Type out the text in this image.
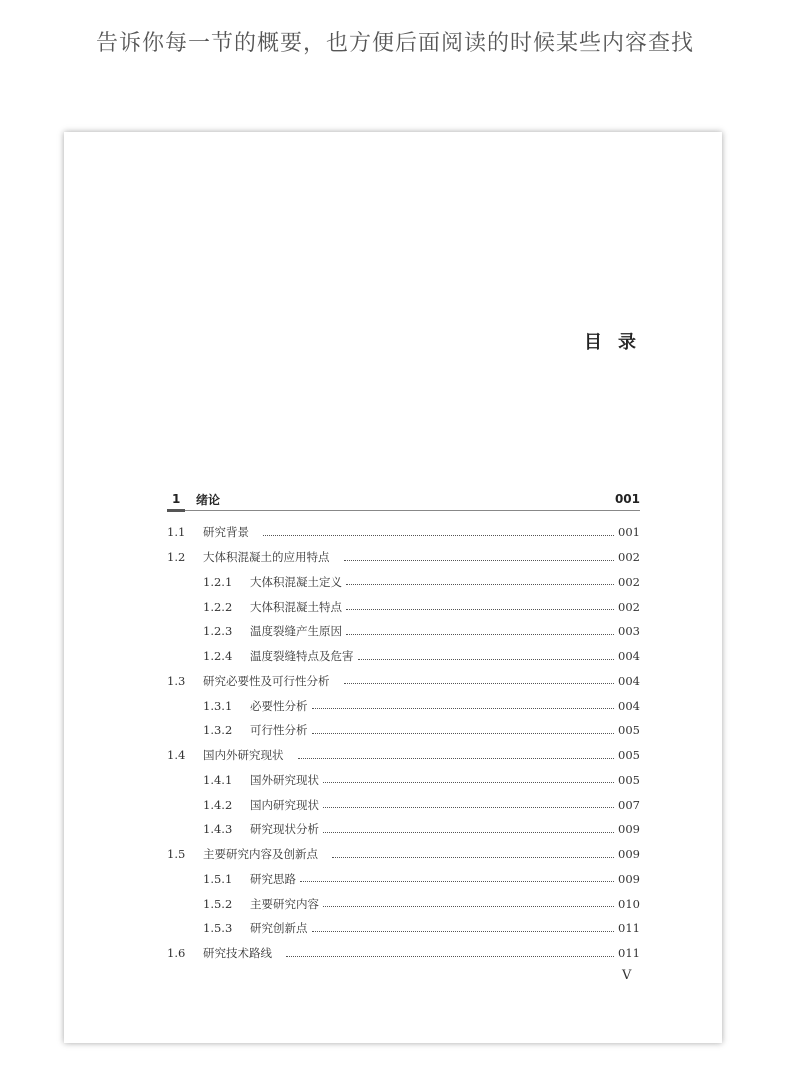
告诉你每一节的概要，也方便后面阅读的时候某些内容查找
目录
1 绪论	001
1.1	研究背景	001
1.2	大体积混凝土的应用特点	002
1.2.1	大体积混凝土定义	002
1.2.2	大体积混凝土特点	002
1.2.3	温度裂缝产生原因	003
1.2.4	温度裂缝特点及危害	004
1.3	研究必要性及可行性分析	004
1.3.1	必要性分析	004
1.3.2	可行性分析	005
1.4	国内外研究现状	005
1.4.1	国外研究现状	005
1.4.2	国内研究现状	007
1.4.3	研究现状分析	009
1.5	主要研究内容及创新点	009
1.5.1	研究思路	009
1.5.2	主要研究内容	010
1.5.3	研究创新点	011
1.6	研究技术路线	011
V
